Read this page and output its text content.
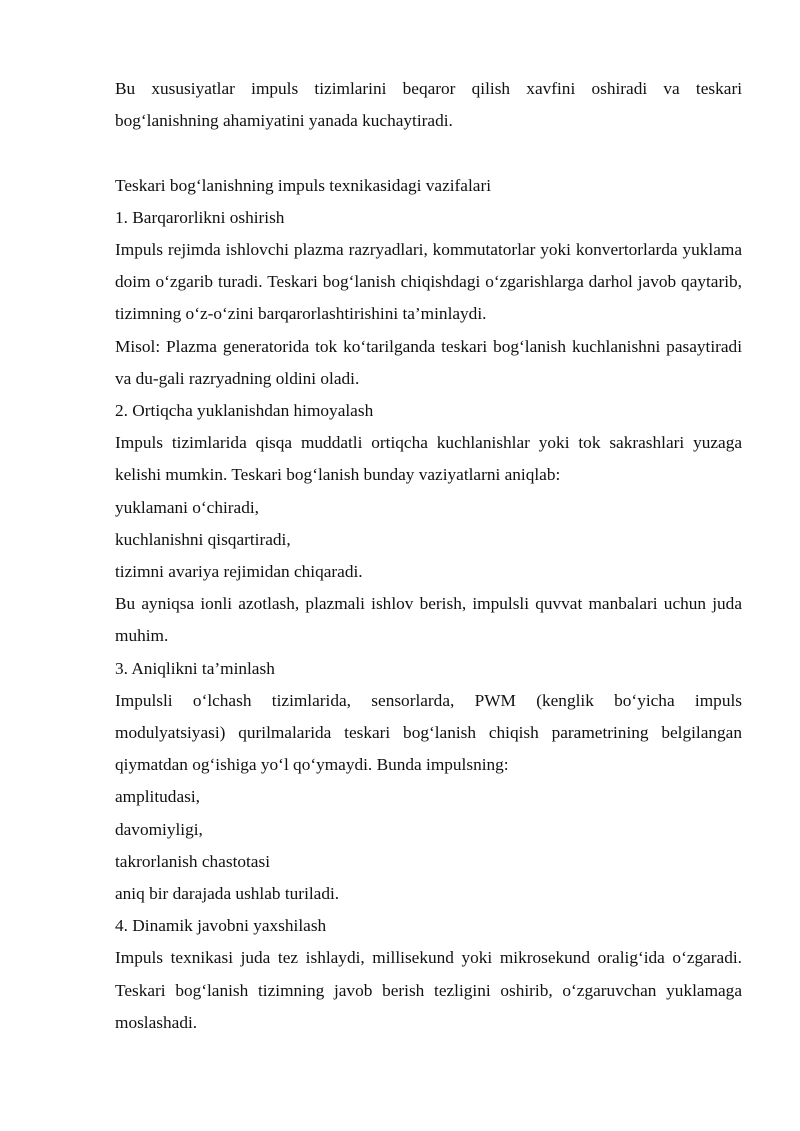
Bu xususiyatlar impuls tizimlarini beqaror qilish xavfini oshiradi va teskari bog‘lanishning ahamiyatini yanada kuchaytiradi.

Teskari bog‘lanishning impuls texnikasidagi vazifalari

1. Barqarorlikni oshirish

Impuls rejimda ishlovchi plazma razryadlari, kommutatorlar yoki konvertorlarda yuklama doim o‘zgarib turadi. Teskari bog‘lanish chiqishdagi o‘zgarishlarga darhol javob qaytarib, tizimning o‘z-o‘zini barqarorlashtirishini ta’minlaydi.

Misol: Plazma generatorida tok ko‘tarilganda teskari bog‘lanish kuchlanishni pasaytiradi va du-gali razryadning oldini oladi.

2. Ortiqcha yuklanishdan himoyalash

Impuls tizimlarida qisqa muddatli ortiqcha kuchlanishlar yoki tok sakrashlari yuzaga kelishi mumkin. Teskari bog‘lanish bunday vaziyatlarni aniqlab:

yuklamani o‘chiradi,

kuchlanishni qisqartiradi,

tizimni avariya rejimidan chiqaradi.

Bu ayniqsa ionli azotlash, plazmali ishlov berish, impulsli quvvat manbalari uchun juda muhim.

3. Aniqlikni ta’minlash

Impulsli o‘lchash tizimlarida, sensorlarda, PWM (kenglik bo‘yicha impuls modulyatsiyasi) qurilmalarida teskari bog‘lanish chiqish parametrining belgilangan qiymatdan og‘ishiga yo‘l qo‘ymaydi. Bunda impulsning:

amplitudasi,

davomiyligi,

takrorlanish chastotasi

aniq bir darajada ushlab turiladi.

4. Dinamik javobni yaxshilash

Impuls texnikasi juda tez ishlaydi, millisekund yoki mikrosekund oralig‘ida o‘zgaradi. Teskari bog‘lanish tizimning javob berish tezligini oshirib, o‘zgaruvchan yuklamaga moslashadi.
